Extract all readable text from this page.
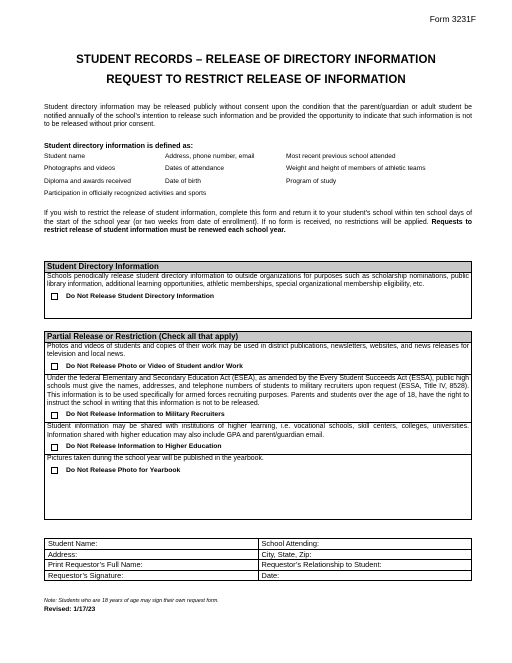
Form 3231F
STUDENT RECORDS – RELEASE OF DIRECTORY INFORMATION
REQUEST TO RESTRICT RELEASE OF INFORMATION
Student directory information may be released publicly without consent upon the condition that the parent/guardian or adult student be notified annually of the school’s intention to release such information and be provided the opportunity to indicate that such information is not to be released without prior consent.
Student directory information is defined as:
Student name	Address, phone number, email	Most recent previous school attended
Photographs and videos	Dates of attendance	Weight and height of members of athletic teams
Diploma and awards received	Date of birth	Program of study
Participation in officially recognized activities and sports
If you wish to restrict the release of student information, complete this form and return it to your student's school within ten school days of the start of the school year (or two weeks from date of enrollment). If no form is received, no restrictions will be applied. Requests to restrict release of student information must be renewed each school year.
Student Directory Information
Schools periodically release student directory information to outside organizations for purposes such as scholarship nominations, public library information, additional learning opportunities, athletic memberships, special organizational membership eligibility, etc.
Do Not Release Student Directory Information
Partial Release or Restriction (Check all that apply)
Photos and videos of students and copies of their work may be used in district publications, newsletters, websites, and news releases for television and local news.
Do Not Release Photo or Video of Student and/or Work
Under the federal Elementary and Secondary Education Act (ESEA), as amended by the Every Student Succeeds Act (ESSA), public high schools must give the names, addresses, and telephone numbers of students to military recruiters upon request (ESSA, Title IV, 8528). This information is to be used specifically for armed forces recruiting purposes. Parents and students over the age of 18, have the right to instruct the school in writing that this information is not to be released.
Do Not Release Information to Military Recruiters
Student information may be shared with institutions of higher learning, i.e. vocational schools, skill centers, colleges, universities. Information shared with higher education may also include GPA and parent/guardian email.
Do Not Release Information to Higher Education
Pictures taken during the school year will be published in the yearbook.
Do Not Release Photo for Yearbook
Student Name:	School Attending:
Address:	City, State, Zip:
Print Requestor’s Full Name:	Requestor’s Relationship to Student:
Requestor’s Signature:	Date:
Note: Students who are 18 years of age may sign their own request form.
Revised: 1/17/23
